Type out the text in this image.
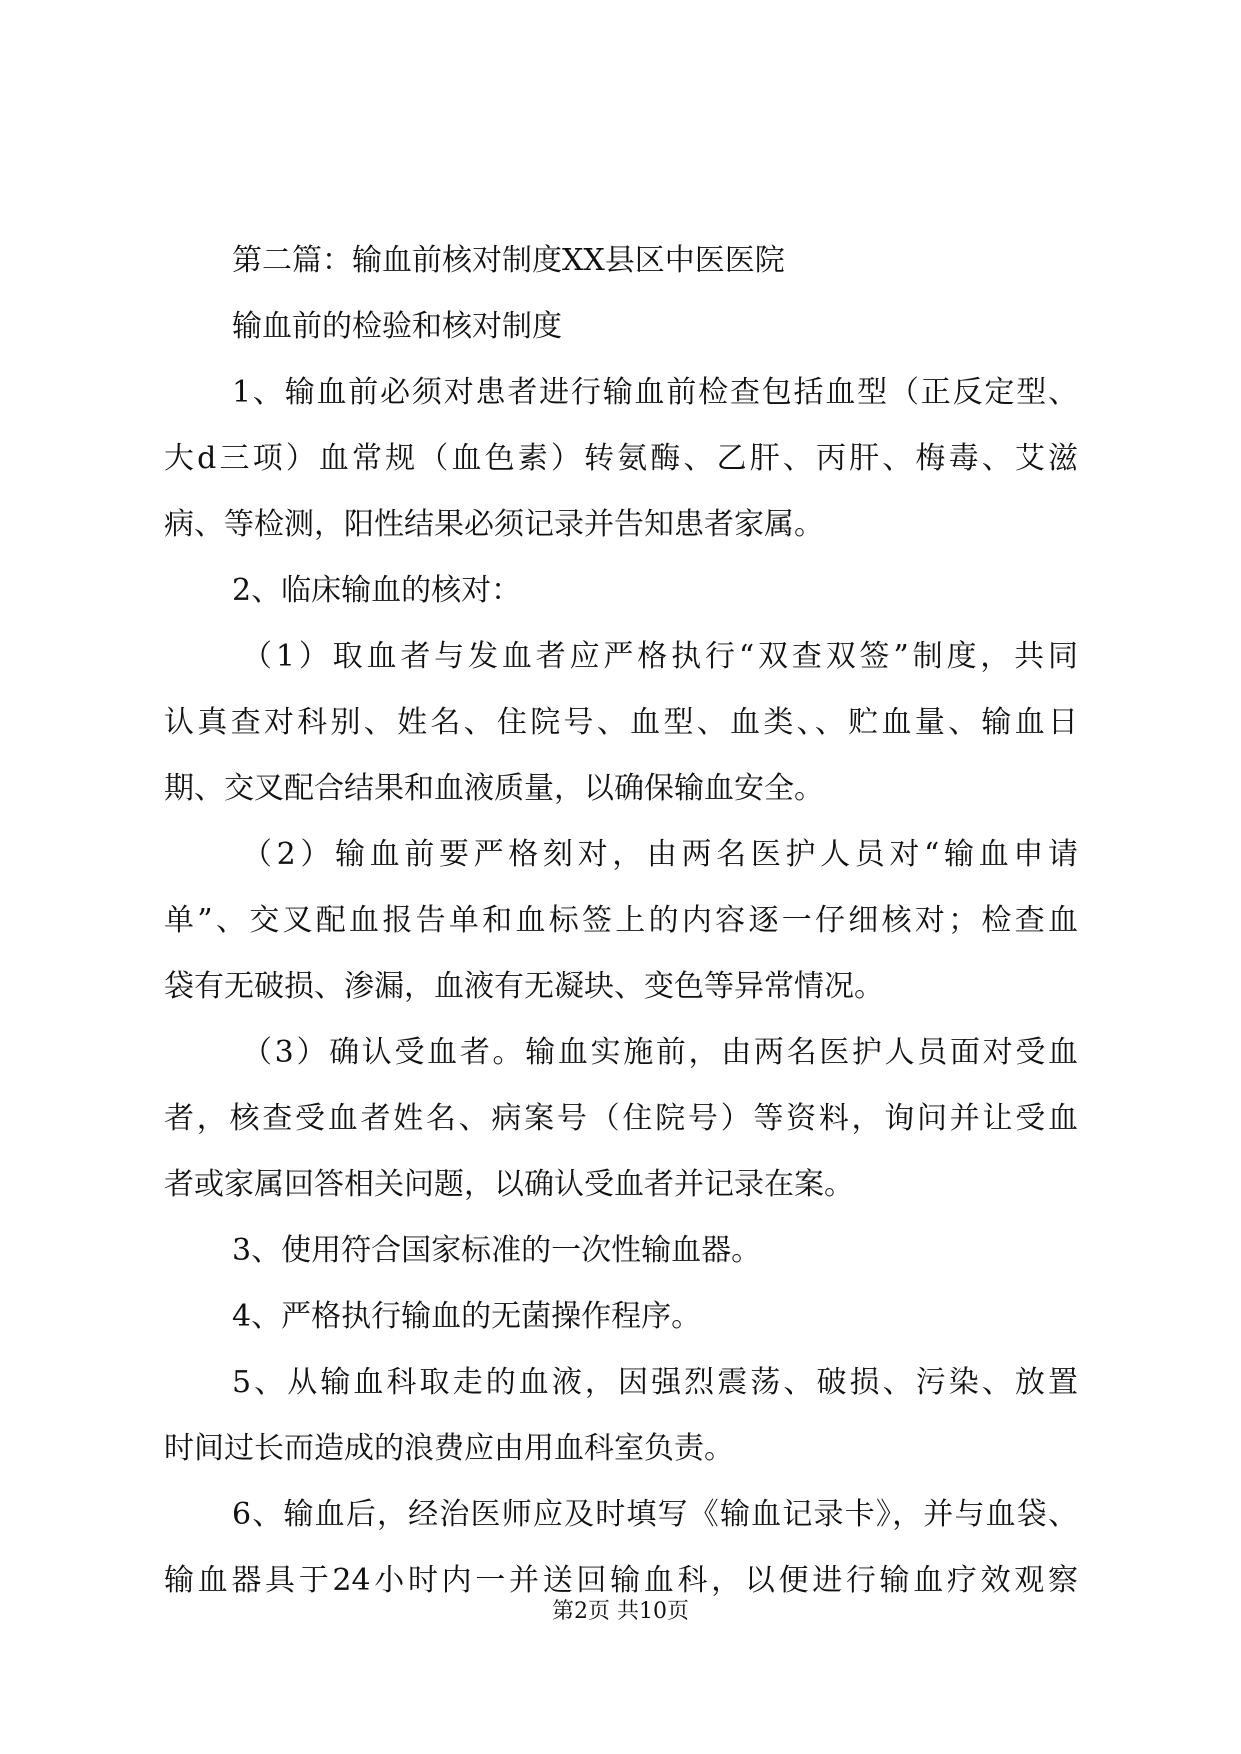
第二篇：输血前核对制度XX县区中医医院
输血前的检验和核对制度
1、输血前必须对患者进行输血前检查包括血型（正反定型、
大d三项）血常规（血色素）转氨酶、乙肝、丙肝、梅毒、艾滋
病、等检测，阳性结果必须记录并告知患者家属。
2、临床输血的核对：
（1）取血者与发血者应严格执行“双查双签”制度，共同
认真查对科别、姓名、住院号、血型、血类、、贮血量、输血日
期、交叉配合结果和血液质量，以确保输血安全。
（2）输血前要严格刻对，由两名医护人员对“输血申请
单”、交叉配血报告单和血标签上的内容逐一仔细核对；检查血
袋有无破损、渗漏，血液有无凝块、变色等异常情况。
（3）确认受血者。输血实施前，由两名医护人员面对受血
者，核查受血者姓名、病案号（住院号）等资料，询问并让受血
者或家属回答相关问题，以确认受血者并记录在案。
3、使用符合国家标准的一次性输血器。
4、严格执行输血的无菌操作程序。
5、从输血科取走的血液，因强烈震荡、破损、污染、放置
时间过长而造成的浪费应由用血科室负责。
6、输血后，经治医师应及时填写《输血记录卡》，并与血袋、
输血器具于24小时内一并送回输血科，以便进行输血疗效观察
第2页 共10页
